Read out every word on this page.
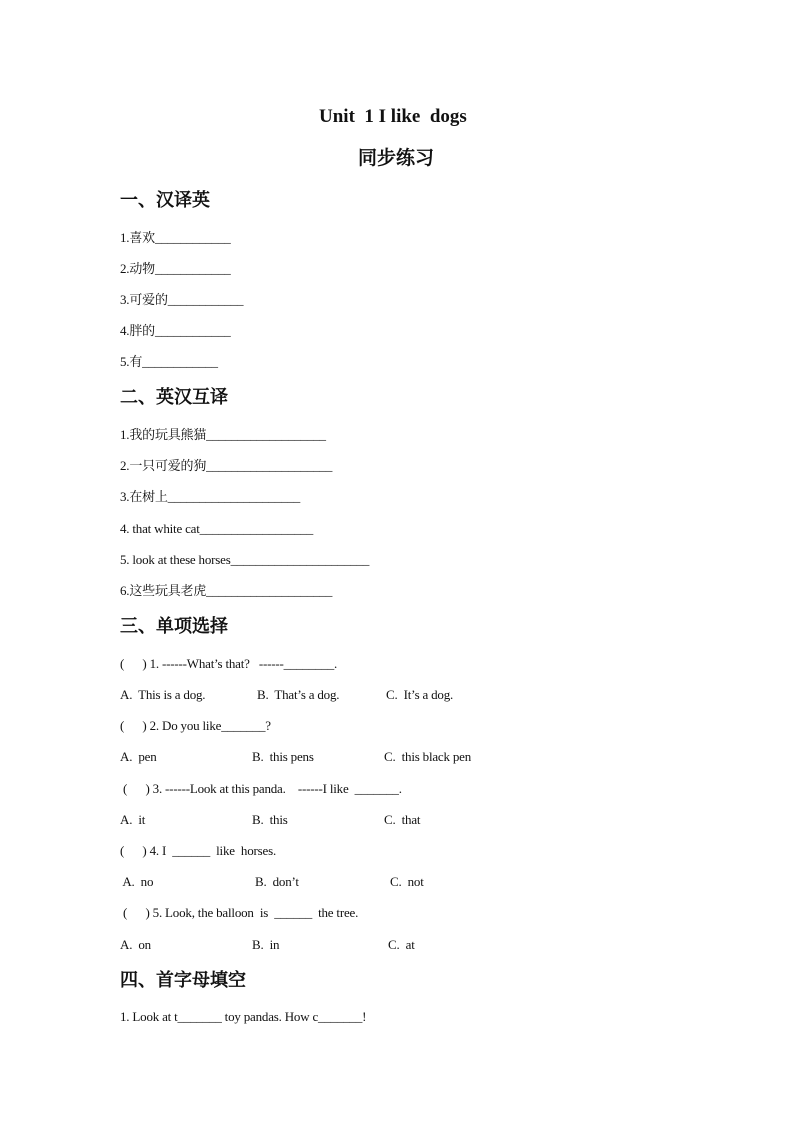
Unit  1 I like  dogs
同步练习
一、汉译英
1.喜欢____________
2.动物____________
3.可爱的____________
4.胖的____________
5.有____________
二、英汉互译
1.我的玩具熊猫___________________
2.一只可爱的狗____________________
3.在树上_____________________
4. that white cat__________________
5. look at these horses______________________
6.这些玩具老虎____________________
三、单项选择
(      ) 1. ------What’s that?   ------________.
A.  This is a dog.	B.  That’s a dog.	C.  It’s a dog.
(      ) 2. Do you like_______?
A.  pen	B.  this pens	C.  this black pen
(      ) 3. ------Look at this panda.    ------I like  _______.
A.  it	B.  this	C.  that
(      ) 4. I  ______  like  horses.
A.  no	B.  don’t	C.  not
(      ) 5. Look, the balloon  is  ______  the tree.
A.  on	B.  in	C.  at
四、首字母填空
1. Look at t_______ toy pandas. How c_______!
